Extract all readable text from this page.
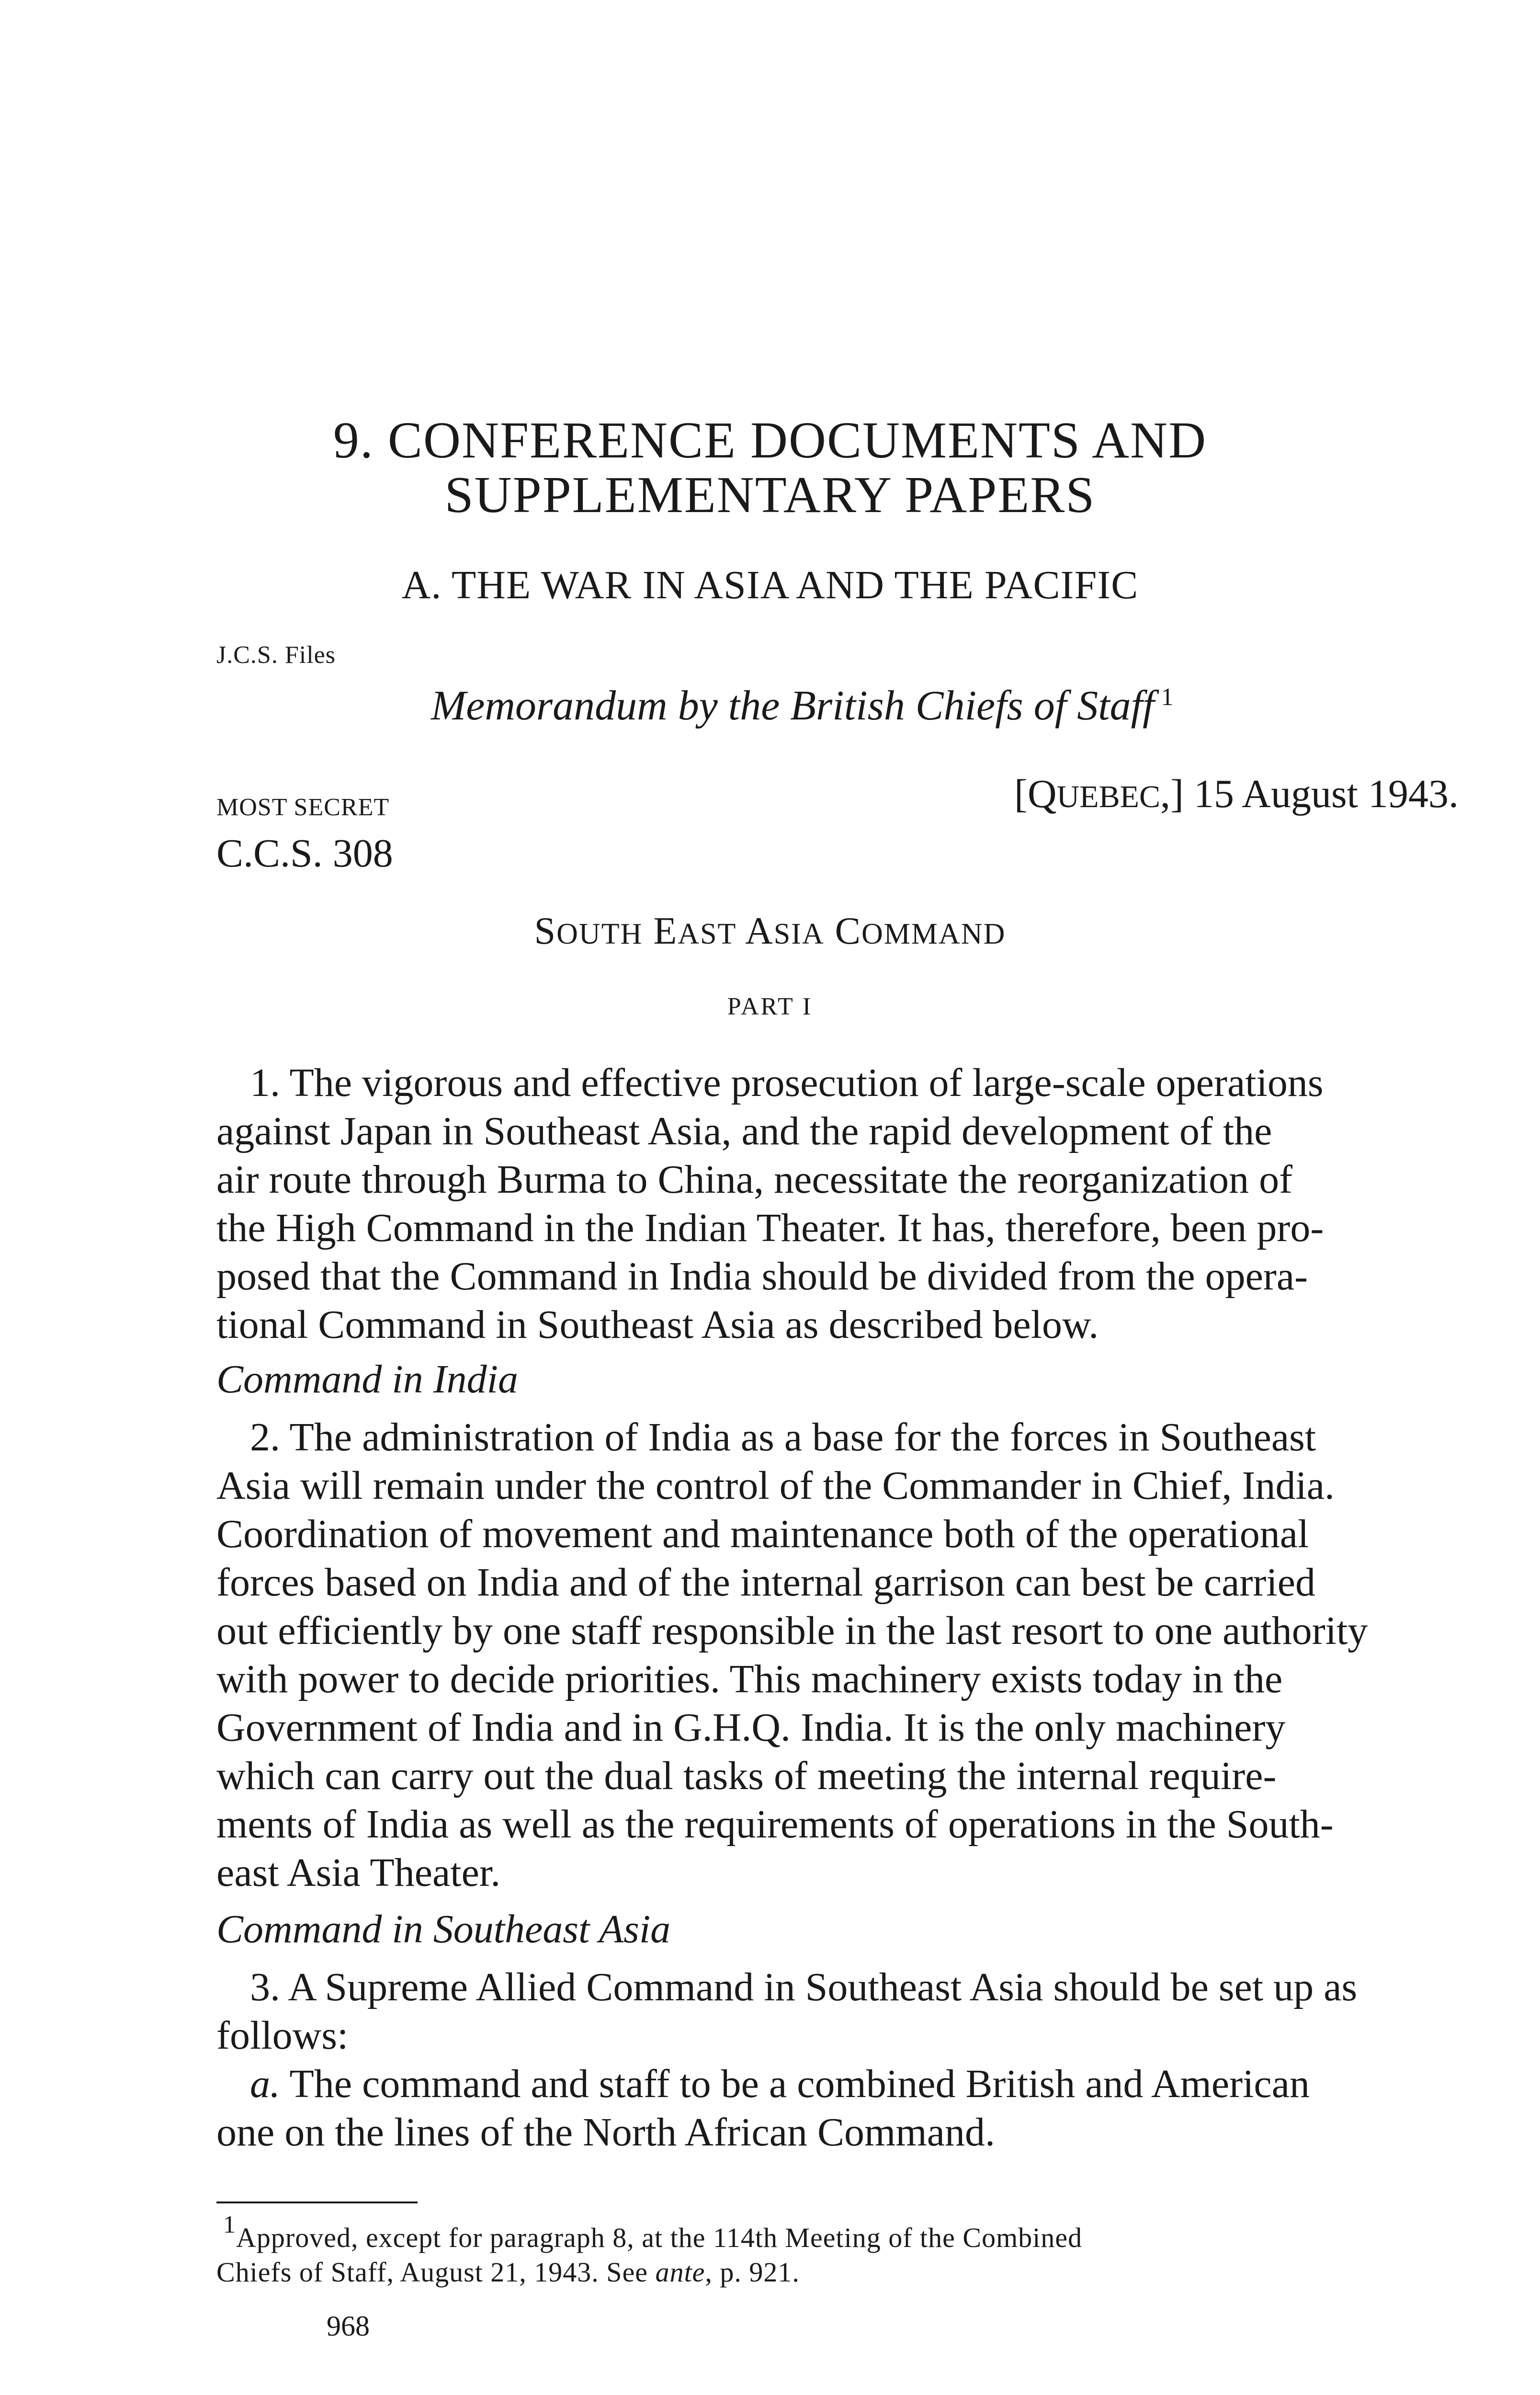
9. CONFERENCE DOCUMENTS AND
SUPPLEMENTARY PAPERS
A. THE WAR IN ASIA AND THE PACIFIC
J.C.S. Files
Memorandum by the British Chiefs of Staff $^1$
MOST SECRET	[QUEBEC,] 15 August 1943.
C.C.S. 308
SOUTH EAST ASIA COMMAND
PART I
1. The vigorous and effective prosecution of large-scale operations
against Japan in Southeast Asia, and the rapid development of the
air route through Burma to China, necessitate the reorganization of
the High Command in the Indian Theater. It has, therefore, been pro-
posed that the Command in India should be divided from the opera-
tional Command in Southeast Asia as described below.
Command in India
2. The administration of India as a base for the forces in Southeast
Asia will remain under the control of the Commander in Chief, India.
Coordination of movement and maintenance both of the operational
forces based on India and of the internal garrison can best be carried
out efficiently by one staff responsible in the last resort to one authority
with power to decide priorities. This machinery exists today in the
Government of India and in G.H.Q. India. It is the only machinery
which can carry out the dual tasks of meeting the internal require-
ments of India as well as the requirements of operations in the South-
east Asia Theater.
Command in Southeast Asia
3. A Supreme Allied Command in Southeast Asia should be set up as
follows:
a. The command and staff to be a combined British and American
one on the lines of the North African Command.
$^1$Approved, except for paragraph 8, at the 114th Meeting of the Combined
Chiefs of Staff, August 21, 1943. See ante, p. 921.
968
